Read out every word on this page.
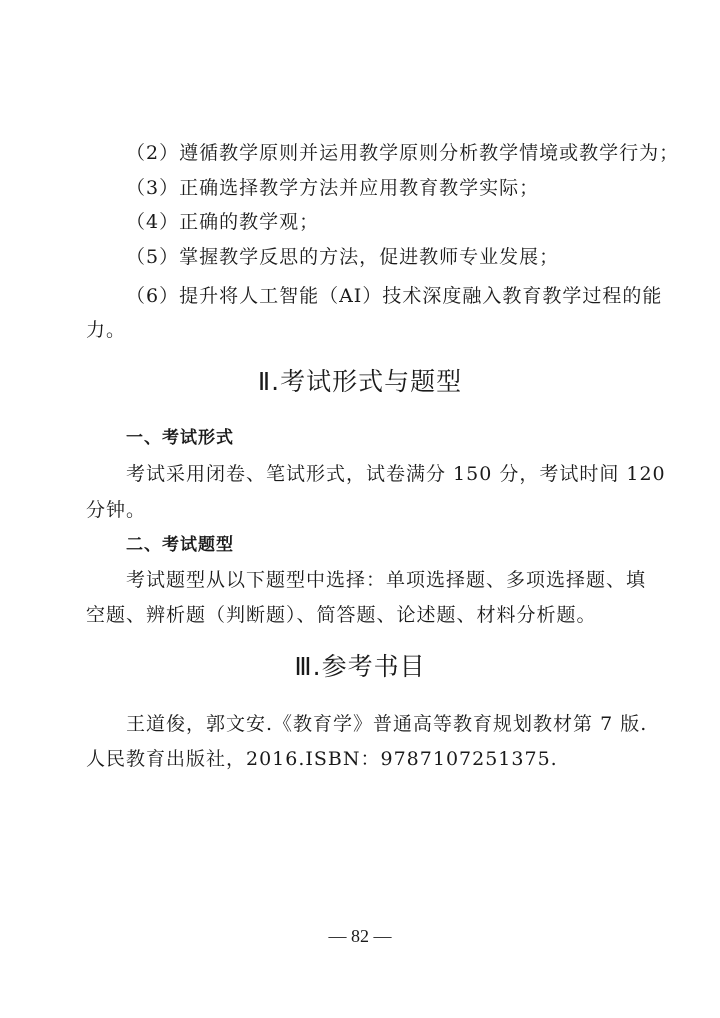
（2）遵循教学原则并运用教学原则分析教学情境或教学行为；
（3）正确选择教学方法并应用教育教学实际；
（4）正确的教学观；
（5）掌握教学反思的方法，促进教师专业发展；
（6）提升将人工智能（AI）技术深度融入教育教学过程的能
力。
Ⅱ.考试形式与题型
一、考试形式
考试采用闭卷、笔试形式，试卷满分 150 分，考试时间 120
分钟。
二、考试题型
考试题型从以下题型中选择：单项选择题、多项选择题、填
空题、辨析题（判断题）、简答题、论述题、材料分析题。
Ⅲ.参考书目
王道俊，郭文安.《教育学》普通高等教育规划教材第 7 版.
人民教育出版社，2016.ISBN：9787107251375.
— 82 —
